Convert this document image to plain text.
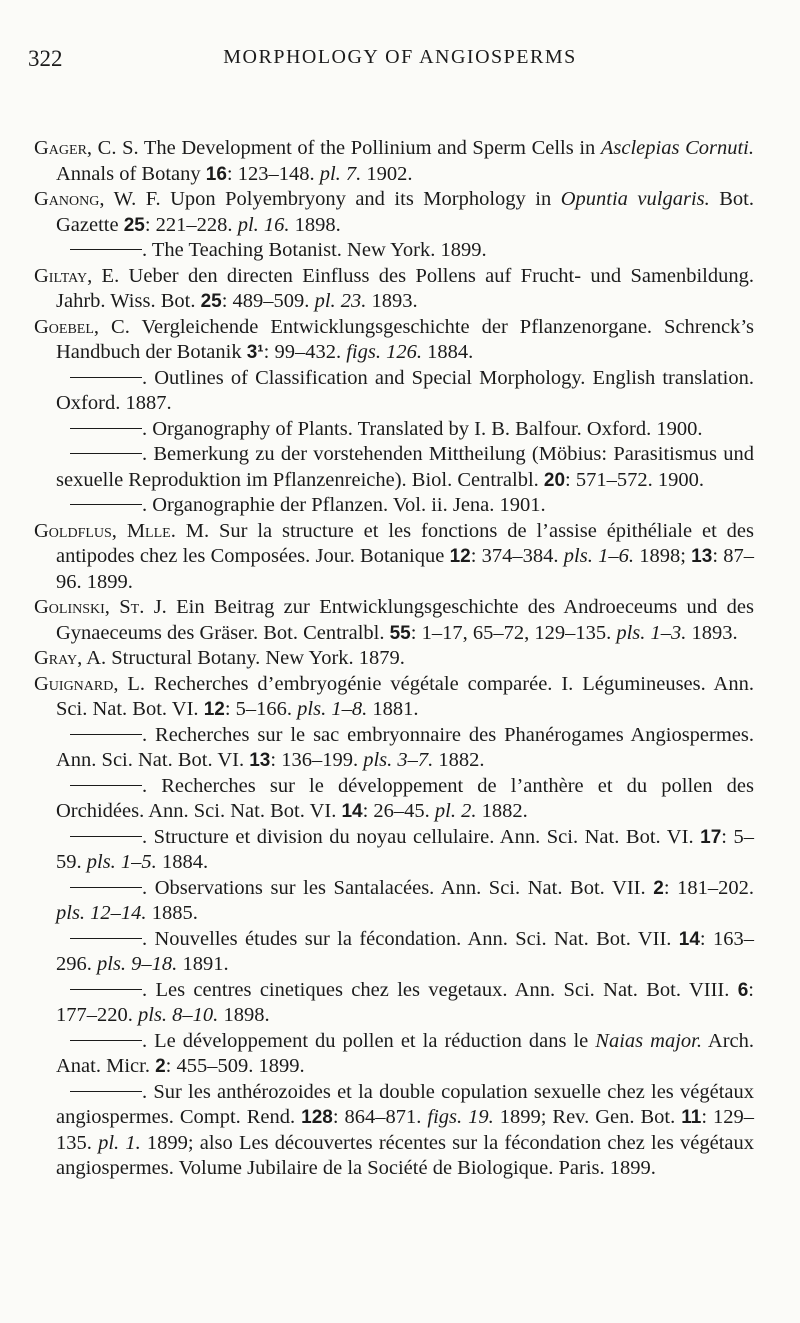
322	MORPHOLOGY OF ANGIOSPERMS
Gager, C. S. The Development of the Pollinium and Sperm Cells in Asclepias Cornuti. Annals of Botany 16: 123–148. pl. 7. 1902.
Ganong, W. F. Upon Polyembryony and its Morphology in Opuntia vulgaris. Bot. Gazette 25: 221–228. pl. 16. 1898.
. The Teaching Botanist. New York. 1899.
Giltay, E. Ueber den directen Einfluss des Pollens auf Frucht- und Samenbildung. Jahrb. Wiss. Bot. 25: 489–509. pl. 23. 1893.
Goebel, C. Vergleichende Entwicklungsgeschichte der Pflanzenorgane. Schrenck’s Handbuch der Botanik 3¹: 99–432. figs. 126. 1884.
. Outlines of Classification and Special Morphology. English translation. Oxford. 1887.
. Organography of Plants. Translated by I. B. Balfour. Oxford. 1900.
. Bemerkung zu der vorstehenden Mittheilung (Möbius: Parasitismus und sexuelle Reproduktion im Pflanzenreiche). Biol. Centralbl. 20: 571–572. 1900.
. Organographie der Pflanzen. Vol. ii. Jena. 1901.
Goldflus, Mlle. M. Sur la structure et les fonctions de l’assise épithéliale et des antipodes chez les Composées. Jour. Botanique 12: 374–384. pls. 1–6. 1898; 13: 87–96. 1899.
Golinski, St. J. Ein Beitrag zur Entwicklungsgeschichte des Androeceums und des Gynaeceums des Gräser. Bot. Centralbl. 55: 1–17, 65–72, 129–135. pls. 1–3. 1893.
Gray, A. Structural Botany. New York. 1879.
Guignard, L. Recherches d’embryogénie végétale comparée. I. Légumineuses. Ann. Sci. Nat. Bot. VI. 12: 5–166. pls. 1–8. 1881.
. Recherches sur le sac embryonnaire des Phanérogames Angiospermes. Ann. Sci. Nat. Bot. VI. 13: 136–199. pls. 3–7. 1882.
. Recherches sur le développement de l’anthère et du pollen des Orchidées. Ann. Sci. Nat. Bot. VI. 14: 26–45. pl. 2. 1882.
. Structure et division du noyau cellulaire. Ann. Sci. Nat. Bot. VI. 17: 5–59. pls. 1–5. 1884.
. Observations sur les Santalacées. Ann. Sci. Nat. Bot. VII. 2: 181–202. pls. 12–14. 1885.
. Nouvelles études sur la fécondation. Ann. Sci. Nat. Bot. VII. 14: 163–296. pls. 9–18. 1891.
. Les centres cinetiques chez les vegetaux. Ann. Sci. Nat. Bot. VIII. 6: 177–220. pls. 8–10. 1898.
. Le développement du pollen et la réduction dans le Naias major. Arch. Anat. Micr. 2: 455–509. 1899.
. Sur les anthérozoides et la double copulation sexuelle chez les végétaux angiospermes. Compt. Rend. 128: 864–871. figs. 19. 1899; Rev. Gen. Bot. 11: 129–135. pl. 1. 1899; also Les découvertes récentes sur la fécondation chez les végétaux angiospermes. Volume Jubilaire de la Société de Biologique. Paris. 1899.
